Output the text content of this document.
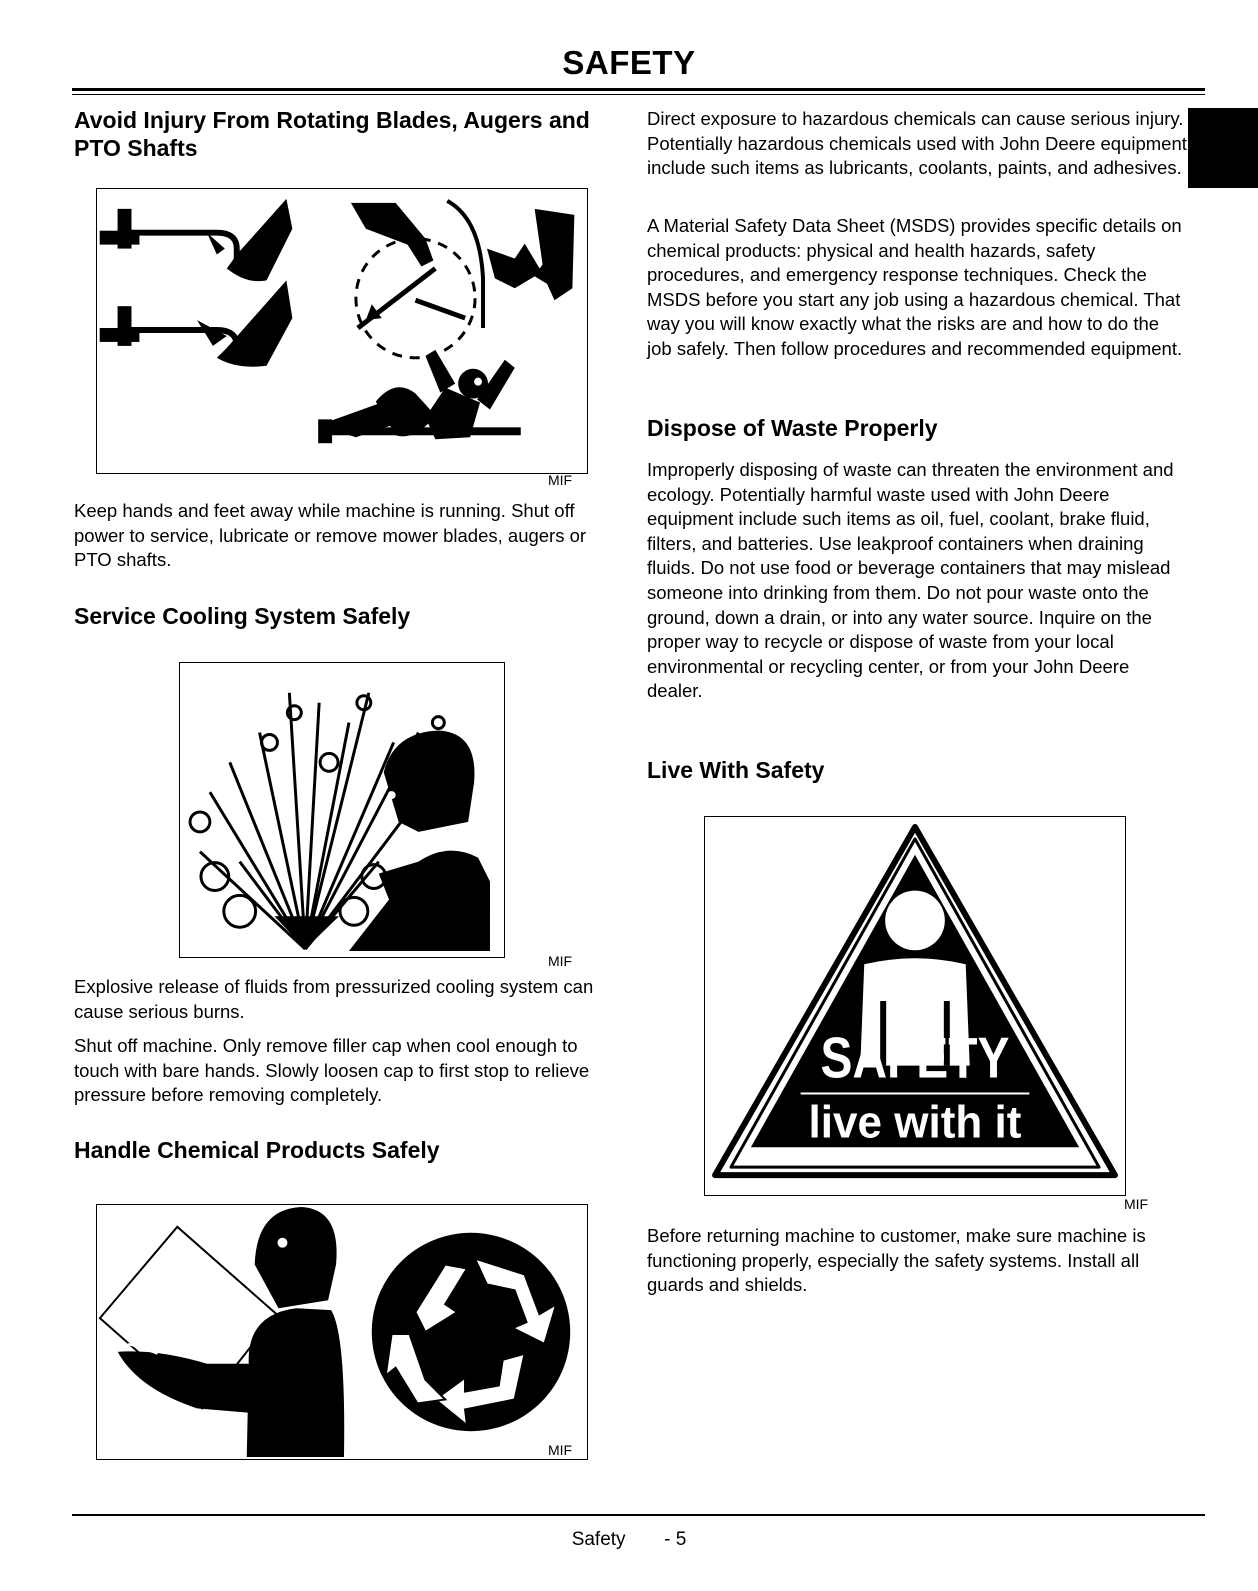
SAFETY
Avoid Injury From Rotating Blades, Augers and PTO Shafts
MIF

Keep hands and feet away while machine is running. Shut off power to service, lubricate or remove mower blades, augers or PTO shafts.

Service Cooling System Safely
MIF

Explosive release of fluids from pressurized cooling system can cause serious burns.

Shut off machine. Only remove filler cap when cool enough to touch with bare hands. Slowly loosen cap to first stop to relieve pressure before removing completely.

Handle Chemical Products Safely
MIF

Direct exposure to hazardous chemicals can cause serious injury. Potentially hazardous chemicals used with John Deere equipment include such items as lubricants, coolants, paints, and adhesives.

A Material Safety Data Sheet (MSDS) provides specific details on chemical products: physical and health hazards, safety procedures, and emergency response techniques. Check the MSDS before you start any job using a hazardous chemical. That way you will know exactly what the risks are and how to do the job safely. Then follow procedures and recommended equipment.

Dispose of Waste Properly

Improperly disposing of waste can threaten the environment and ecology. Potentially harmful waste used with John Deere equipment include such items as oil, fuel, coolant, brake fluid, filters, and batteries. Use leakproof containers when draining fluids. Do not use food or beverage containers that may mislead someone into drinking from them. Do not pour waste onto the ground, down a drain, or into any water source. Inquire on the proper way to recycle or dispose of waste from your local environmental or recycling center, or from your John Deere dealer.

Live With Safety
SAFETY
live with it
MIF

Before returning machine to customer, make sure machine is functioning properly, especially the safety systems. Install all guards and shields.

Safety - 5
